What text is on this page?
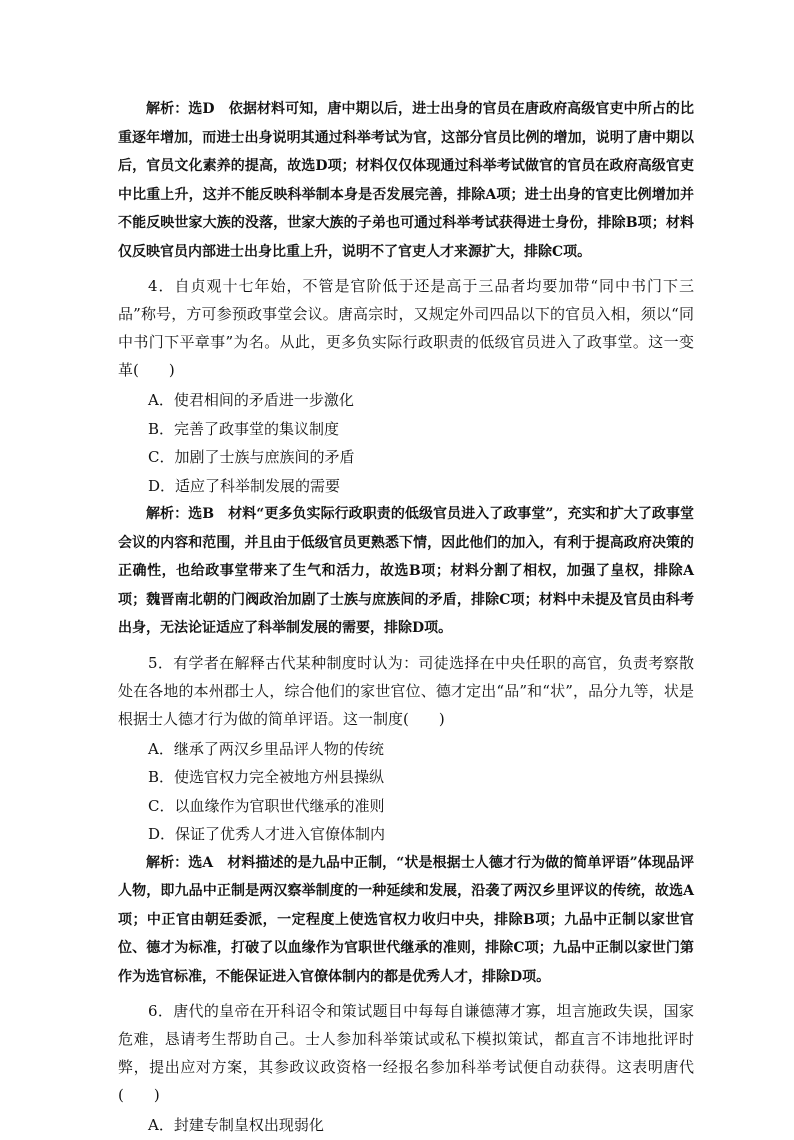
解析：选D　依据材料可知，唐中期以后，进士出身的官员在唐政府高级官吏中所占的比重逐年增加，而进士出身说明其通过科举考试为官，这部分官员比例的增加，说明了唐中期以后，官员文化素养的提高，故选D项；材料仅仅体现通过科举考试做官的官员在政府高级官吏中比重上升，这并不能反映科举制本身是否发展完善，排除A项；进士出身的官吏比例增加并不能反映世家大族的没落，世家大族的子弟也可通过科举考试获得进士身份，排除B项；材料仅反映官员内部进士出身比重上升，说明不了官吏人才来源扩大，排除C项。

4．自贞观十七年始，不管是官阶低于还是高于三品者均要加带“同中书门下三品”称号，方可参预政事堂会议。唐高宗时，又规定外司四品以下的官员入相，须以“同中书门下平章事”为名。从此，更多负实际行政职责的低级官员进入了政事堂。这一变革(　　)

A．使君相间的矛盾进一步激化
B．完善了政事堂的集议制度
C．加剧了士族与庶族间的矛盾
D．适应了科举制发展的需要

解析：选B　材料“更多负实际行政职责的低级官员进入了政事堂”，充实和扩大了政事堂会议的内容和范围，并且由于低级官员更熟悉下情，因此他们的加入，有利于提高政府决策的正确性，也给政事堂带来了生气和活力，故选B项；材料分割了相权，加强了皇权，排除A项；魏晋南北朝的门阀政治加剧了士族与庶族间的矛盾，排除C项；材料中未提及官员由科考出身，无法论证适应了科举制发展的需要，排除D项。

5．有学者在解释古代某种制度时认为：司徒选择在中央任职的高官，负责考察散处在各地的本州郡士人，综合他们的家世官位、德才定出“品”和“状”，品分九等，状是根据士人德才行为做的简单评语。这一制度(　　)

A．继承了两汉乡里品评人物的传统
B．使选官权力完全被地方州县操纵
C．以血缘作为官职世代继承的准则
D．保证了优秀人才进入官僚体制内

解析：选A　材料描述的是九品中正制，“状是根据士人德才行为做的简单评语”体现品评人物，即九品中正制是两汉察举制度的一种延续和发展，沿袭了两汉乡里评议的传统，故选A项；中正官由朝廷委派，一定程度上使选官权力收归中央，排除B项；九品中正制以家世官位、德才为标准，打破了以血缘作为官职世代继承的准则，排除C项；九品中正制以家世门第作为选官标准，不能保证进入官僚体制内的都是优秀人才，排除D项。

6．唐代的皇帝在开科诏令和策试题目中每每自谦德薄才寡，坦言施政失误，国家危难，恳请考生帮助自己。士人参加科举策试或私下模拟策试，都直言不讳地批评时弊，提出应对方案，其参政议政资格一经报名参加科举考试便自动获得。这表明唐代(　　)

A．封建专制皇权出现弱化
